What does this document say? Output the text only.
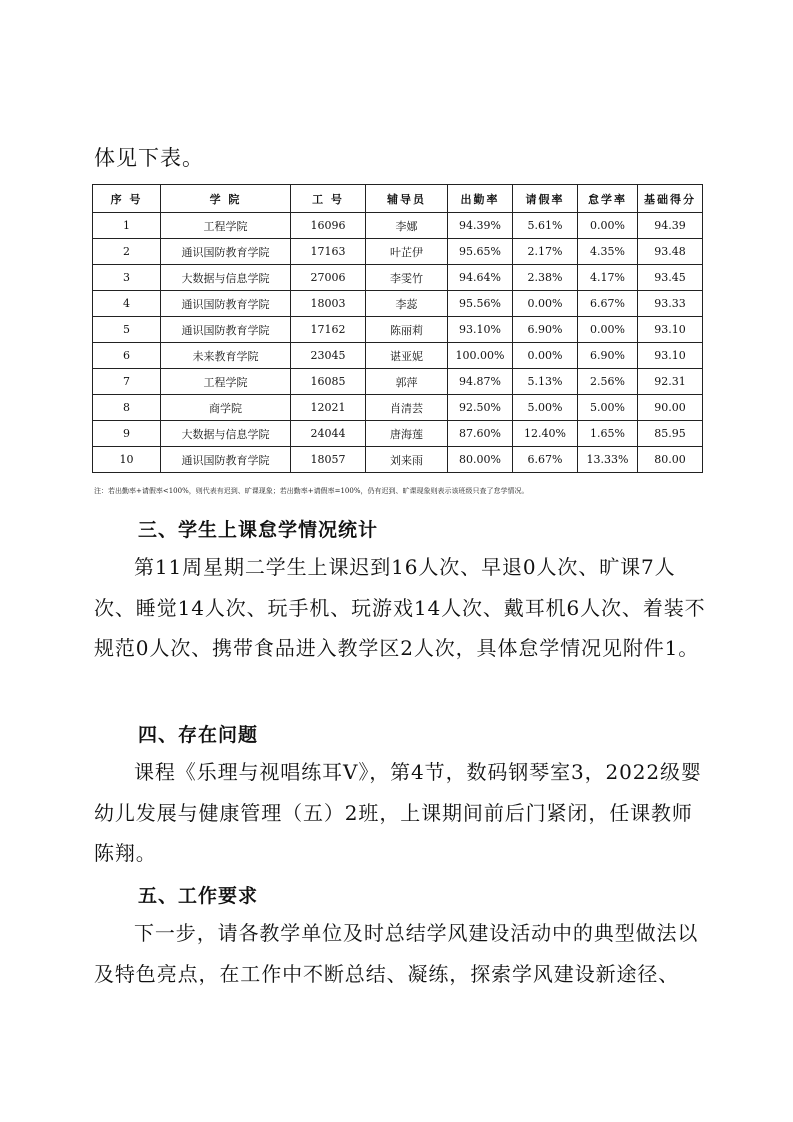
体见下表。
序 号	学 院	工 号	辅导员	出勤率	请假率	怠学率	基础得分
1	工程学院	16096	李娜	94.39%	5.61%	0.00%	94.39
2	通识国防教育学院	17163	叶芷伊	95.65%	2.17%	4.35%	93.48
3	大数据与信息学院	27006	李雯竹	94.64%	2.38%	4.17%	93.45
4	通识国防教育学院	18003	李蕊	95.56%	0.00%	6.67%	93.33
5	通识国防教育学院	17162	陈丽莉	93.10%	6.90%	0.00%	93.10
6	未来教育学院	23045	谌亚妮	100.00%	0.00%	6.90%	93.10
7	工程学院	16085	郭萍	94.87%	5.13%	2.56%	92.31
8	商学院	12021	肖清芸	92.50%	5.00%	5.00%	90.00
9	大数据与信息学院	24044	唐海莲	87.60%	12.40%	1.65%	85.95
10	通识国防教育学院	18057	刘来雨	80.00%	6.67%	13.33%	80.00
注：若出勤率+请假率<100%，则代表有迟到、旷课现象；若出勤率+请假率=100%，仍有迟到、旷课现象则表示该班级只查了怠学情况。
三、学生上课怠学情况统计

第11周星期二学生上课迟到16人次、早退0人次、旷课7人次、睡觉14人次、玩手机、玩游戏14人次、戴耳机6人次、着装不规范0人次、携带食品进入教学区2人次，具体怠学情况见附件1。

四、存在问题

课程《乐理与视唱练耳V》，第4节，数码钢琴室3，2022级婴幼儿发展与健康管理（五）2班，上课期间前后门紧闭，任课教师陈翔。

五、工作要求

下一步，请各教学单位及时总结学风建设活动中的典型做法以及特色亮点，在工作中不断总结、凝练，探索学风建设新途径、
